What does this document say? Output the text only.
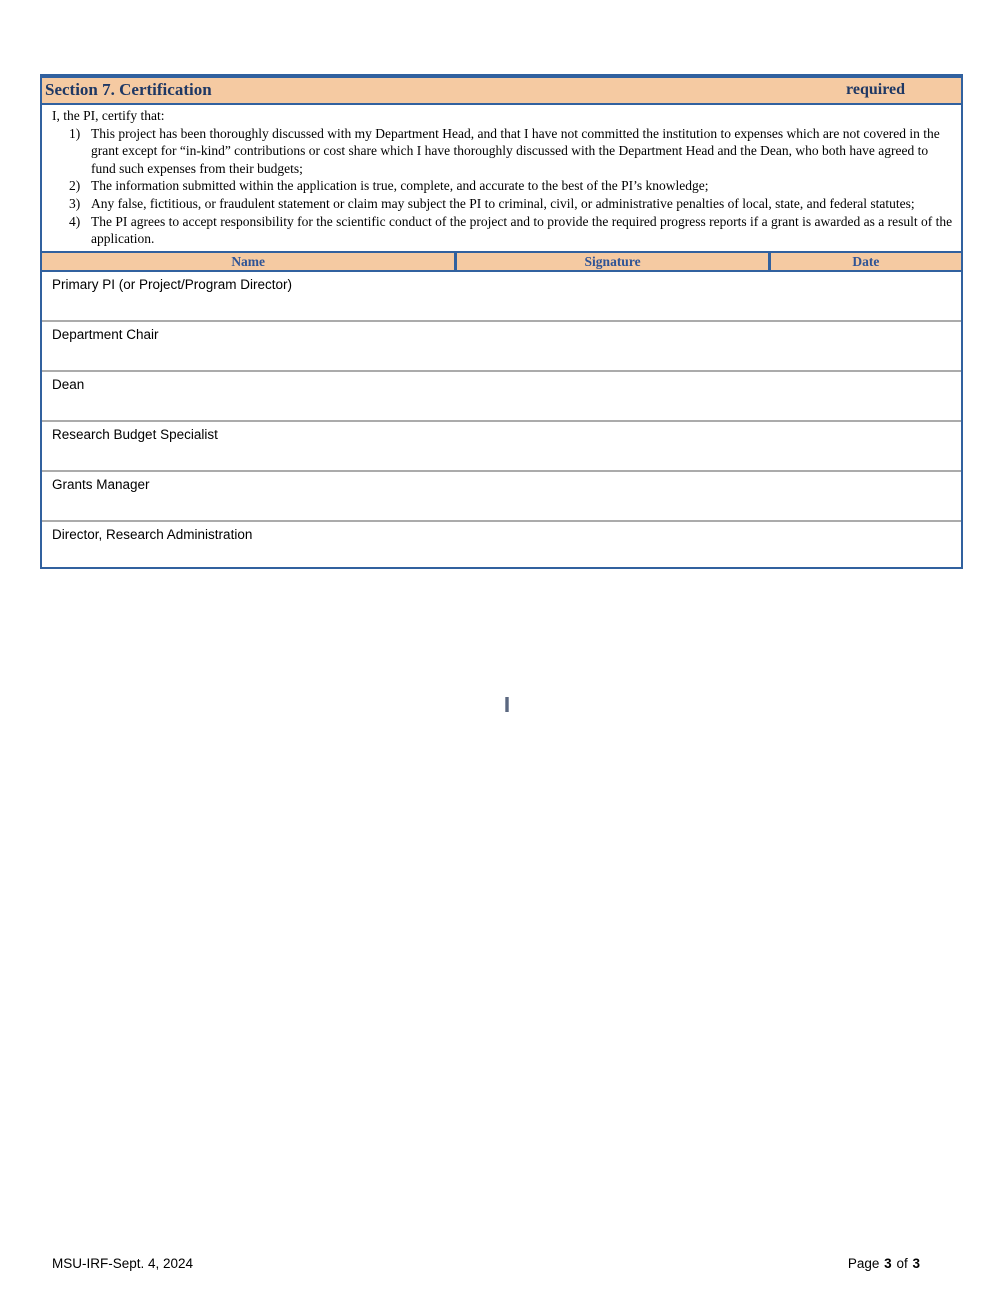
Section 7. Certification	required

I, the PI, certify that:

1) This project has been thoroughly discussed with my Department Head, and that I have not committed the institution to expenses which are not covered in the grant except for “in-kind” contributions or cost share which I have thoroughly discussed with the Department Head and the Dean, who both have agreed to fund such expenses from their budgets;
2) The information submitted within the application is true, complete, and accurate to the best of the PI’s knowledge;
3) Any false, fictitious, or fraudulent statement or claim may subject the PI to criminal, civil, or administrative penalties of local, state, and federal statutes;
4) The PI agrees to accept responsibility for the scientific conduct of the project and to provide the required progress reports if a grant is awarded as a result of the application.
Name	Signature	Date
Primary PI (or Project/Program Director)
Department Chair
Dean
Research Budget Specialist
Grants Manager
Director, Research Administration
MSU-IRF-Sept. 4, 2024	Page 3 of 3
